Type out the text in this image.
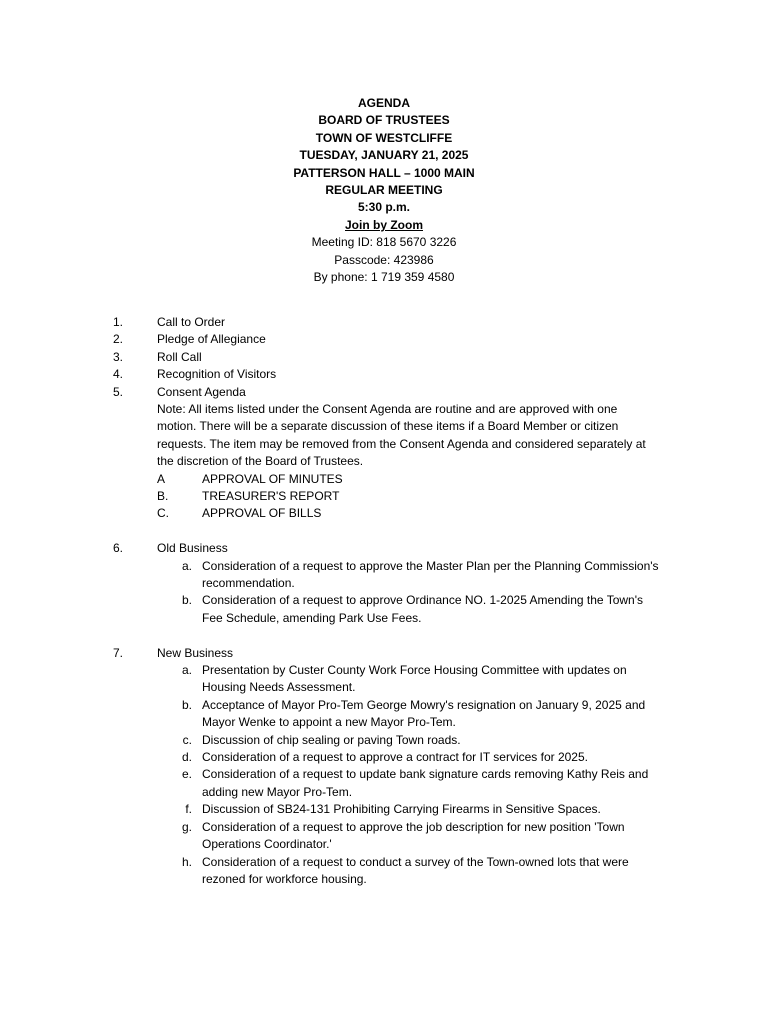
AGENDA
BOARD OF TRUSTEES
TOWN OF WESTCLIFFE
TUESDAY, JANUARY 21, 2025
PATTERSON HALL – 1000 MAIN
REGULAR MEETING
5:30 p.m.
Join by Zoom
Meeting ID: 818 5670 3226
Passcode: 423986
By phone: 1 719 359 4580
1.	Call to Order
2.	Pledge of Allegiance
3.	Roll Call
4.	Recognition of Visitors
5.	Consent Agenda
Note: All items listed under the Consent Agenda are routine and are approved with one motion. There will be a separate discussion of these items if a Board Member or citizen requests. The item may be removed from the Consent Agenda and considered separately at the discretion of the Board of Trustees.
A	APPROVAL OF MINUTES
B.	TREASURER'S REPORT
C.	APPROVAL OF BILLS
6.	Old Business
a. Consideration of a request to approve the Master Plan per the Planning Commission's recommendation.
b. Consideration of a request to approve Ordinance NO. 1-2025 Amending the Town's Fee Schedule, amending Park Use Fees.
7.	New Business
a. Presentation by Custer County Work Force Housing Committee with updates on Housing Needs Assessment.
b. Acceptance of Mayor Pro-Tem George Mowry's resignation on January 9, 2025 and Mayor Wenke to appoint a new Mayor Pro-Tem.
c. Discussion of chip sealing or paving Town roads.
d. Consideration of a request to approve a contract for IT services for 2025.
e. Consideration of a request to update bank signature cards removing Kathy Reis and adding new Mayor Pro-Tem.
f. Discussion of SB24-131 Prohibiting Carrying Firearms in Sensitive Spaces.
g. Consideration of a request to approve the job description for new position 'Town Operations Coordinator.'
h. Consideration of a request to conduct a survey of the Town-owned lots that were rezoned for workforce housing.
